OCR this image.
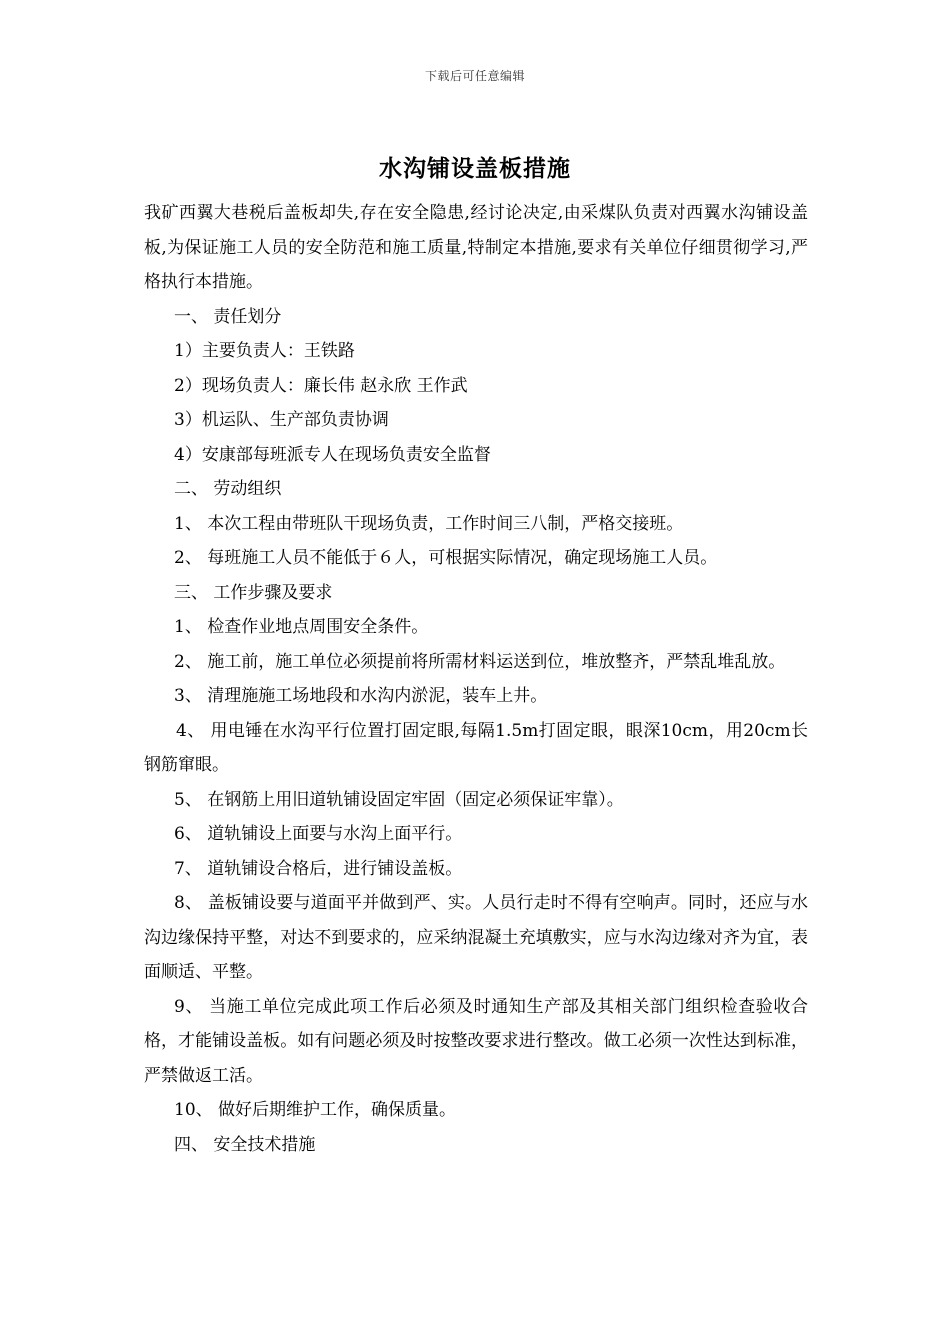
下载后可任意编辑
水沟铺设盖板措施

我矿西翼大巷税后盖板却失,存在安全隐患,经讨论决定,由采煤队负责对西翼水沟铺设盖板,为保证施工人员的安全防范和施工质量,特制定本措施,要求有关单位仔细贯彻学习,严格执行本措施。

一、 责任划分

1）主要负责人：王铁路

2）现场负责人：廉长伟 赵永欣 王作武

3）机运队、生产部负责协调

4）安康部每班派专人在现场负责安全监督

二、 劳动组织

1、 本次工程由带班队干现场负责，工作时间三八制，严格交接班。

2、 每班施工人员不能低于６人，可根据实际情况，确定现场施工人员。

三、 工作步骤及要求

1、 检查作业地点周围安全条件。

2、 施工前，施工单位必须提前将所需材料运送到位，堆放整齐，严禁乱堆乱放。

3、 清理施施工场地段和水沟内淤泥，装车上井。

4、 用电锤在水沟平行位置打固定眼,每隔1.5m打固定眼，眼深10cm，用20cm长钢筋窜眼。

5、 在钢筋上用旧道轨铺设固定牢固（固定必须保证牢靠）。

6、 道轨铺设上面要与水沟上面平行。

7、 道轨铺设合格后，进行铺设盖板。

8、 盖板铺设要与道面平并做到严、实。人员行走时不得有空响声。同时，还应与水沟边缘保持平整，对达不到要求的，应采纳混凝土充填敷实，应与水沟边缘对齐为宜，表面顺适、平整。

9、 当施工单位完成此项工作后必须及时通知生产部及其相关部门组织检查验收合格，才能铺设盖板。如有问题必须及时按整改要求进行整改。做工必须一次性达到标准，严禁做返工活。

10、 做好后期维护工作，确保质量。

四、 安全技术措施
